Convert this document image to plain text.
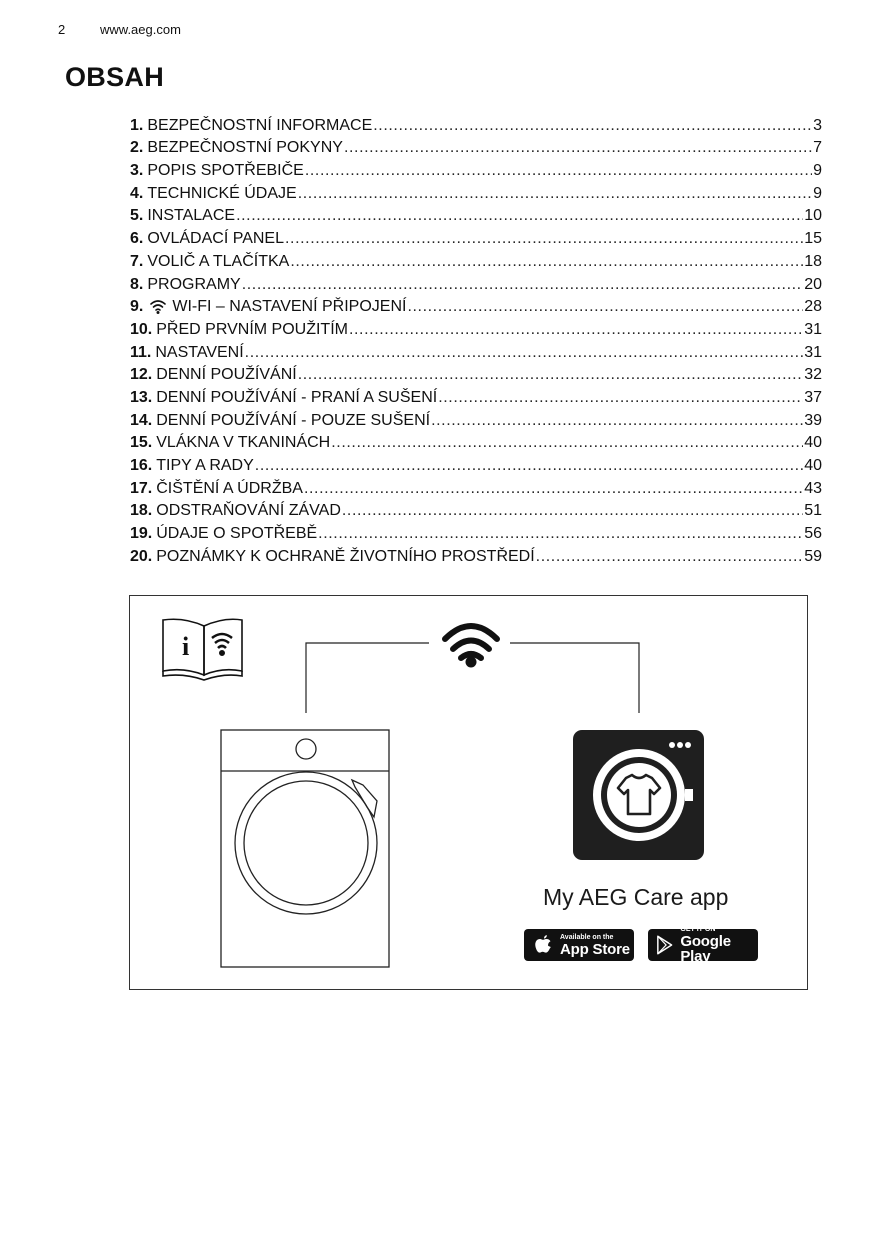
2	www.aeg.com
OBSAH
1. BEZPEČNOSTNÍ INFORMACE .....	3
2. BEZPEČNOSTNÍ POKYNY .....	7
3. POPIS SPOTŘEBIČE .....	9
4. TECHNICKÉ ÚDAJE .....	9
5. INSTALACE .....	10
6. OVLÁDACÍ PANEL .....	15
7. VOLIČ A TLAČÍTKA .....	18
8. PROGRAMY .....	20
9. WI-FI – NASTAVENÍ PŘIPOJENÍ .....	28
10. PŘED PRVNÍM POUŽITÍM .....	31
11. NASTAVENÍ .....	31
12. DENNÍ POUŽÍVÁNÍ .....	32
13. DENNÍ POUŽÍVÁNÍ - PRANÍ A SUŠENÍ .....	37
14. DENNÍ POUŽÍVÁNÍ - POUZE SUŠENÍ .....	39
15. VLÁKNA V TKANINÁCH .....	40
16. TIPY A RADY .....	40
17. ČIŠTĚNÍ A ÚDRŽBA .....	43
18. ODSTRAŇOVÁNÍ ZÁVAD .....	51
19. ÚDAJE O SPOTŘEBĚ .....	56
20. POZNÁMKY K OCHRANĚ ŽIVOTNÍHO PROSTŘEDÍ .....	59
i
My AEG Care app
Available on the
App Store
GET IT ON
Google Play
